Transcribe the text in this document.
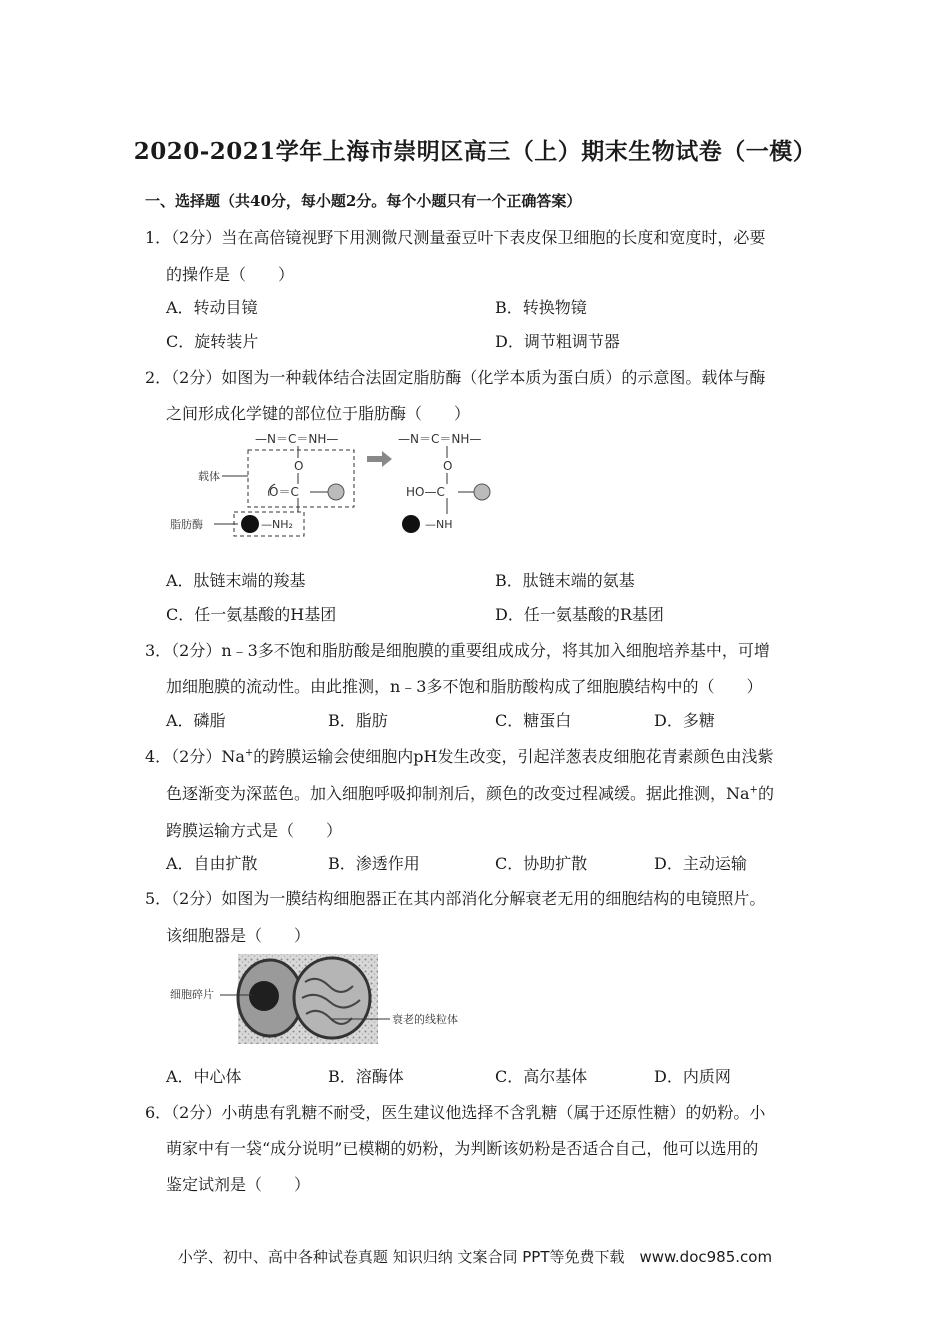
2020-2021学年上海市崇明区高三（上）期末生物试卷（一模）
一、选择题（共40分，每小题2分。每个小题只有一个正确答案）
1．（2分）当在高倍镜视野下用测微尺测量蚕豆叶下表皮保卫细胞的长度和宽度时，必要
的操作是（　　）
A．转动目镜	B．转换物镜
C．旋转装片	D．调节粗调节器
2．（2分）如图为一种载体结合法固定脂肪酶（化学本质为蛋白质）的示意图。载体与酶
之间形成化学键的部位位于脂肪酶（　　）
—N＝C＝NH—
O
O＝C
载体
—NH₂
脂肪酶
—N＝C＝NH—
O
HO—C
—NH
A．肽链末端的羧基	B．肽链末端的氨基
C．任一氨基酸的H基团	D．任一氨基酸的R基团
3．（2分）n﹣3多不饱和脂肪酸是细胞膜的重要组成成分，将其加入细胞培养基中，可增
加细胞膜的流动性。由此推测，n﹣3多不饱和脂肪酸构成了细胞膜结构中的（　　）
A．磷脂	B．脂肪	C．糖蛋白	D．多糖
4．（2分）Na+的跨膜运输会使细胞内pH发生改变，引起洋葱表皮细胞花青素颜色由浅紫
色逐渐变为深蓝色。加入细胞呼吸抑制剂后，颜色的改变过程减缓。据此推测，Na+的
跨膜运输方式是（　　）
A．自由扩散	B．渗透作用	C．协助扩散	D．主动运输
5．（2分）如图为一膜结构细胞器正在其内部消化分解衰老无用的细胞结构的电镜照片。
该细胞器是（　　）
细胞碎片
衰老的线粒体
A．中心体	B．溶酶体	C．高尔基体	D．内质网
6．（2分）小萌患有乳糖不耐受，医生建议他选择不含乳糖（属于还原性糖）的奶粉。小
萌家中有一袋“成分说明”已模糊的奶粉，为判断该奶粉是否适合自己，他可以选用的
鉴定试剂是（　　）
小学、初中、高中各种试卷真题 知识归纳 文案合同 PPT等免费下载　www.doc985.com
